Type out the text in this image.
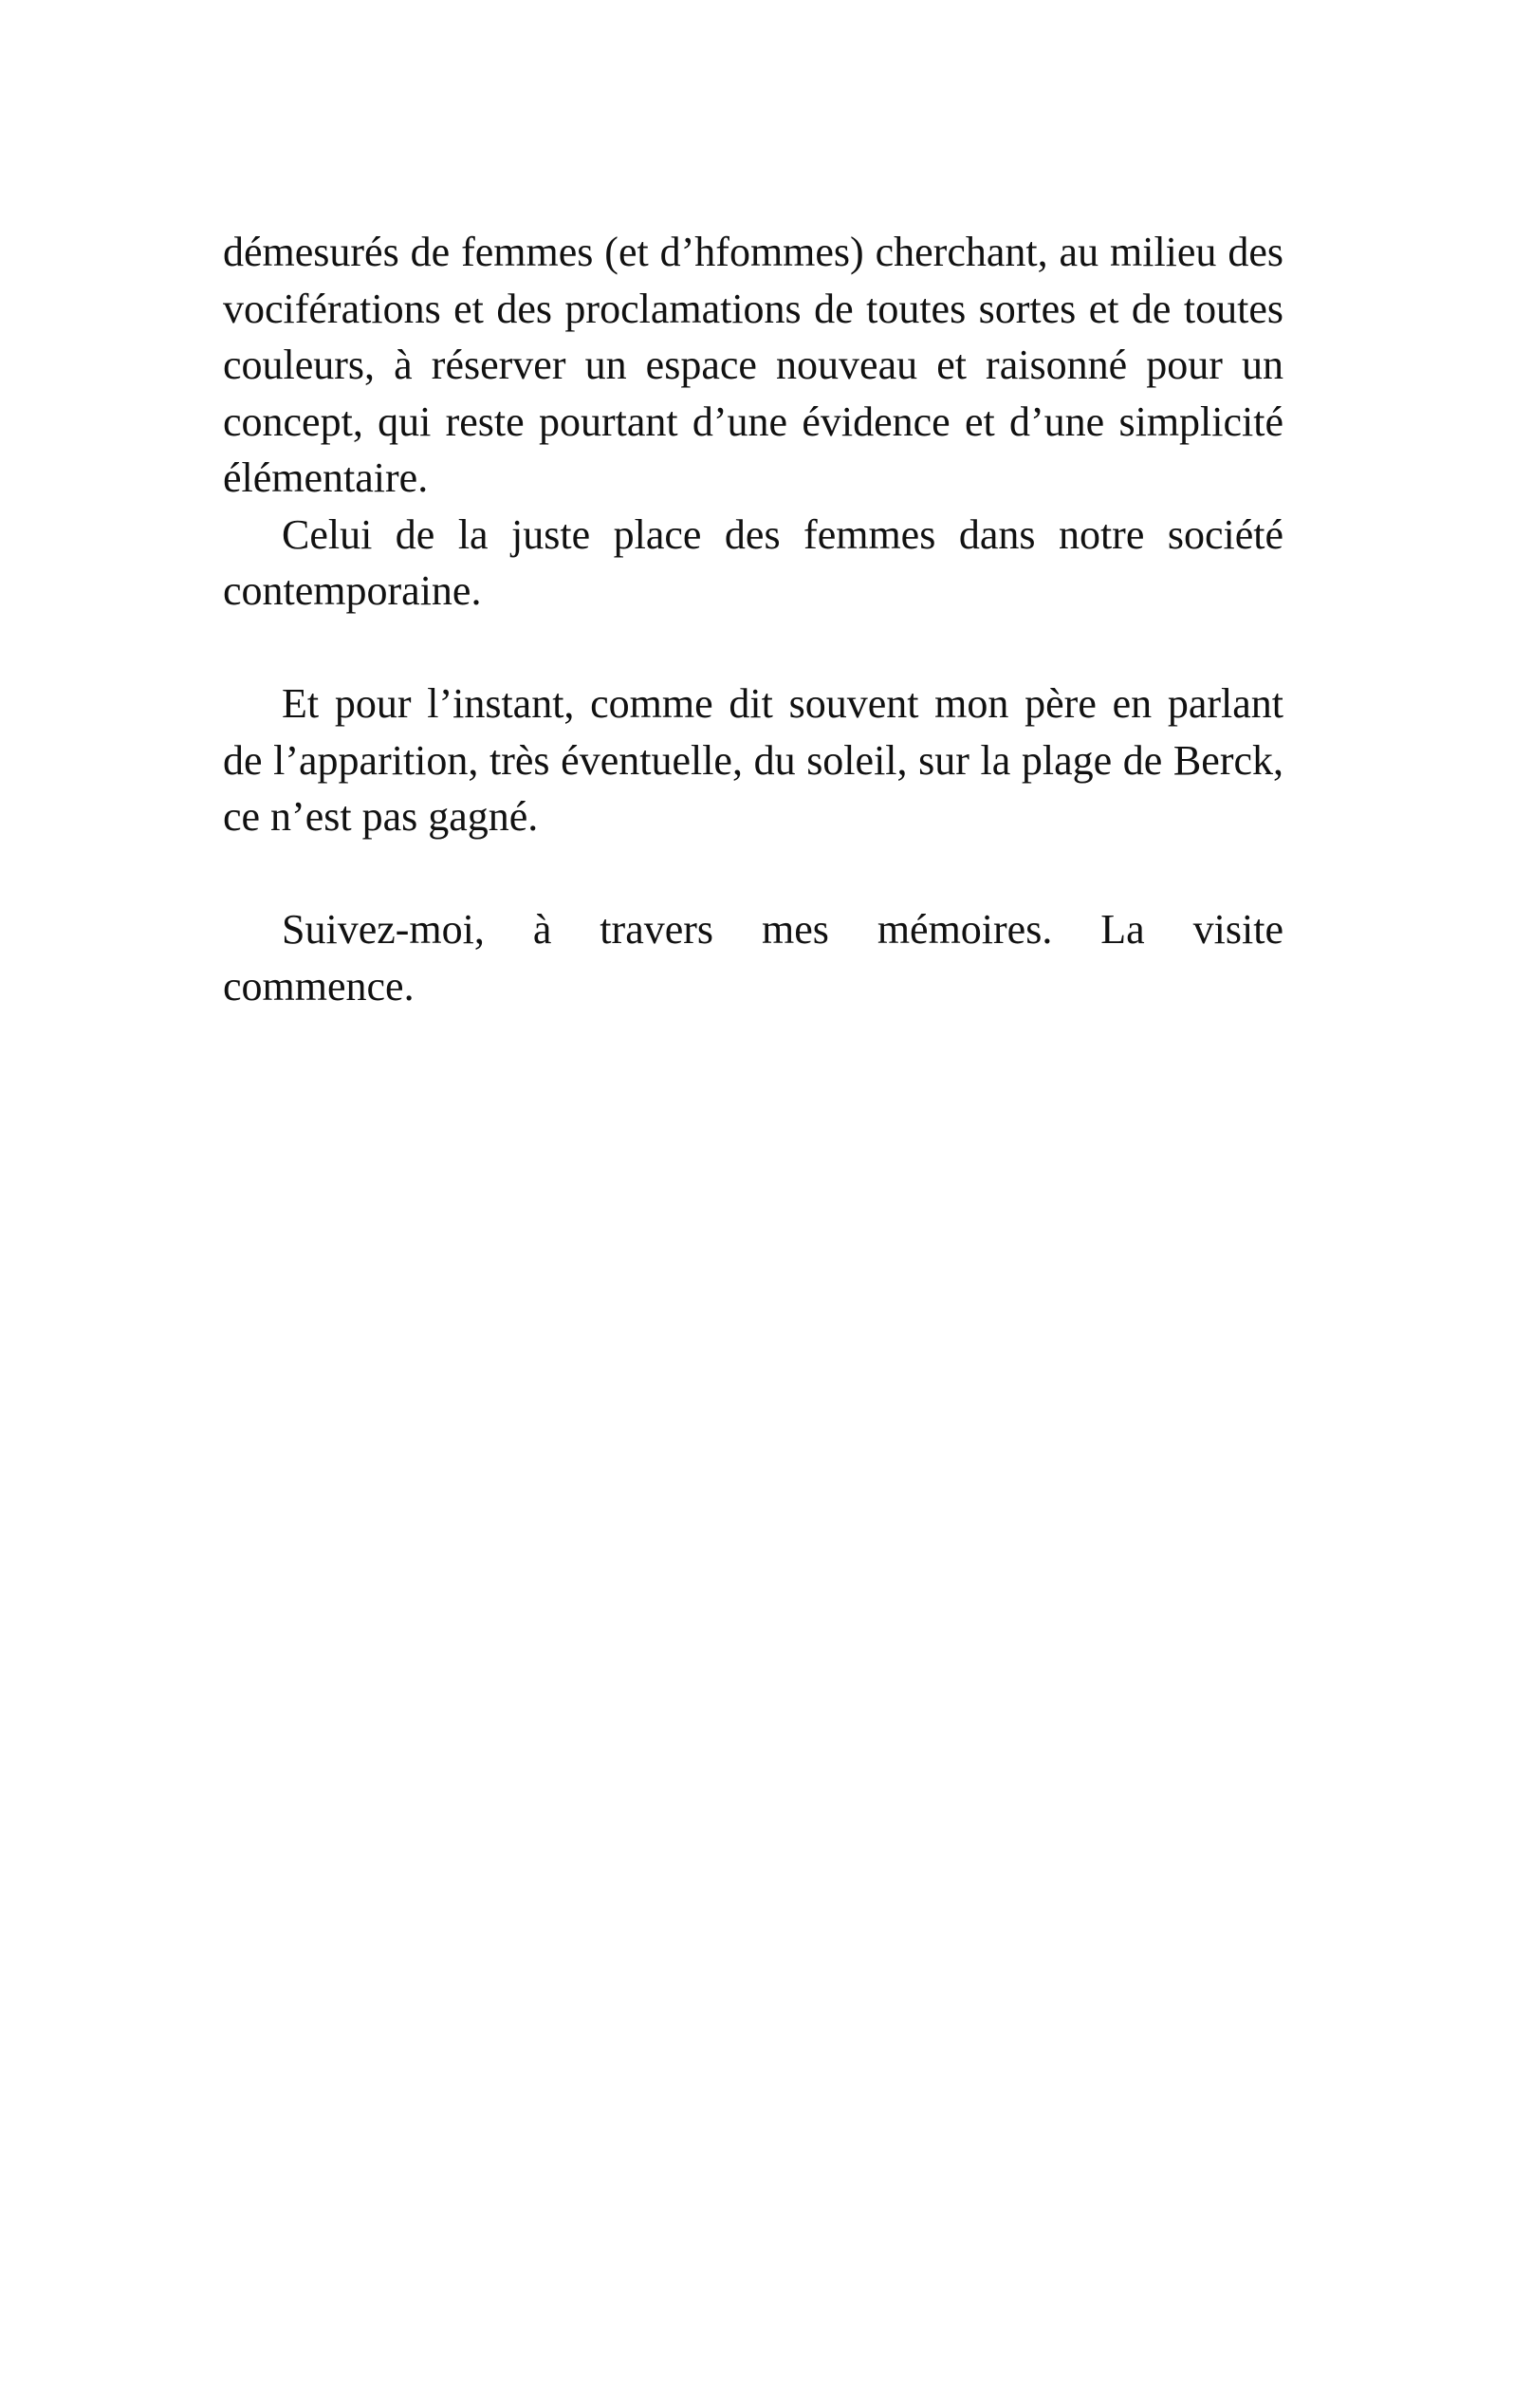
démesurés de femmes (et d’hfommes) cherchant, au milieu des vociférations et des proclamations de toutes sortes et de toutes couleurs, à réserver un espace nouveau et raisonné pour un concept, qui reste pourtant d’une évidence et d’une simplicité élémentaire.

Celui de la juste place des femmes dans notre société contemporaine.

Et pour l’instant, comme dit souvent mon père en parlant de l’apparition, très éventuelle, du soleil, sur la plage de Berck, ce n’est pas gagné.

Suivez-moi, à travers mes mémoires. La visite

commence.
